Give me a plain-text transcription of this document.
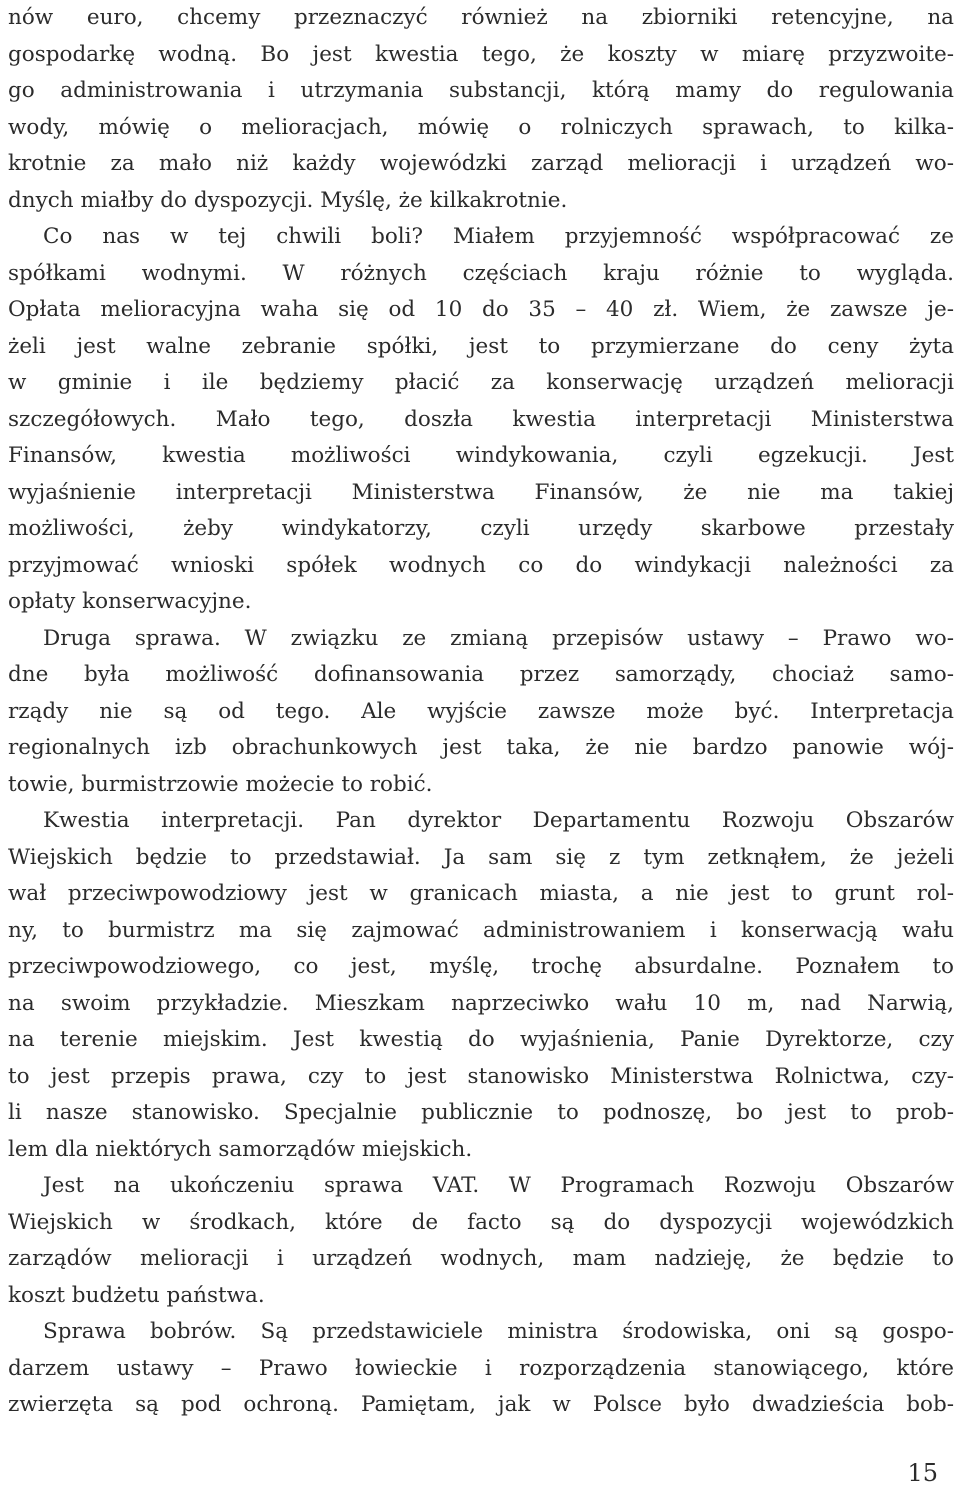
nów euro, chcemy przeznaczyć również na zbiorniki retencyjne, na
gospodarkę wodną. Bo jest kwestia tego, że koszty w miarę przyzwoite-
go administrowania i utrzymania substancji, którą mamy do regulowania
wody, mówię o melioracjach, mówię o rolniczych sprawach, to kilka-
krotnie za mało niż każdy wojewódzki zarząd melioracji i urządzeń wo-
dnych miałby do dyspozycji. Myślę, że kilkakrotnie.
Co nas w tej chwili boli? Miałem przyjemność współpracować ze
spółkami wodnymi. W różnych częściach kraju różnie to wygląda.
Opłata melioracyjna waha się od 10 do 35 – 40 zł. Wiem, że zawsze je-
żeli jest walne zebranie spółki, jest to przymierzane do ceny żyta
w gminie i ile będziemy płacić za konserwację urządzeń melioracji
szczegółowych. Mało tego, doszła kwestia interpretacji Ministerstwa
Finansów, kwestia możliwości windykowania, czyli egzekucji. Jest
wyjaśnienie interpretacji Ministerstwa Finansów, że nie ma takiej
możliwości, żeby windykatorzy, czyli urzędy skarbowe przestały
przyjmować wnioski spółek wodnych co do windykacji należności za
opłaty konserwacyjne.
Druga sprawa. W związku ze zmianą przepisów ustawy – Prawo wo-
dne była możliwość dofinansowania przez samorządy, chociaż samo-
rządy nie są od tego. Ale wyjście zawsze może być. Interpretacja
regionalnych izb obrachunkowych jest taka, że nie bardzo panowie wój-
towie, burmistrzowie możecie to robić.
Kwestia interpretacji. Pan dyrektor Departamentu Rozwoju Obszarów
Wiejskich będzie to przedstawiał. Ja sam się z tym zetknąłem, że jeżeli
wał przeciwpowodziowy jest w granicach miasta, a nie jest to grunt rol-
ny, to burmistrz ma się zajmować administrowaniem i konserwacją wału
przeciwpowodziowego, co jest, myślę, trochę absurdalne. Poznałem to
na swoim przykładzie. Mieszkam naprzeciwko wału 10 m, nad Narwią,
na terenie miejskim. Jest kwestią do wyjaśnienia, Panie Dyrektorze, czy
to jest przepis prawa, czy to jest stanowisko Ministerstwa Rolnictwa, czy-
li nasze stanowisko. Specjalnie publicznie to podnoszę, bo jest to prob-
lem dla niektórych samorządów miejskich.
Jest na ukończeniu sprawa VAT. W Programach Rozwoju Obszarów
Wiejskich w środkach, które de facto są do dyspozycji wojewódzkich
zarządów melioracji i urządzeń wodnych, mam nadzieję, że będzie to
koszt budżetu państwa.
Sprawa bobrów. Są przedstawiciele ministra środowiska, oni są gospo-
darzem ustawy – Prawo łowieckie i rozporządzenia stanowiącego, które
zwierzęta są pod ochroną. Pamiętam, jak w Polsce było dwadzieścia bob-
15
